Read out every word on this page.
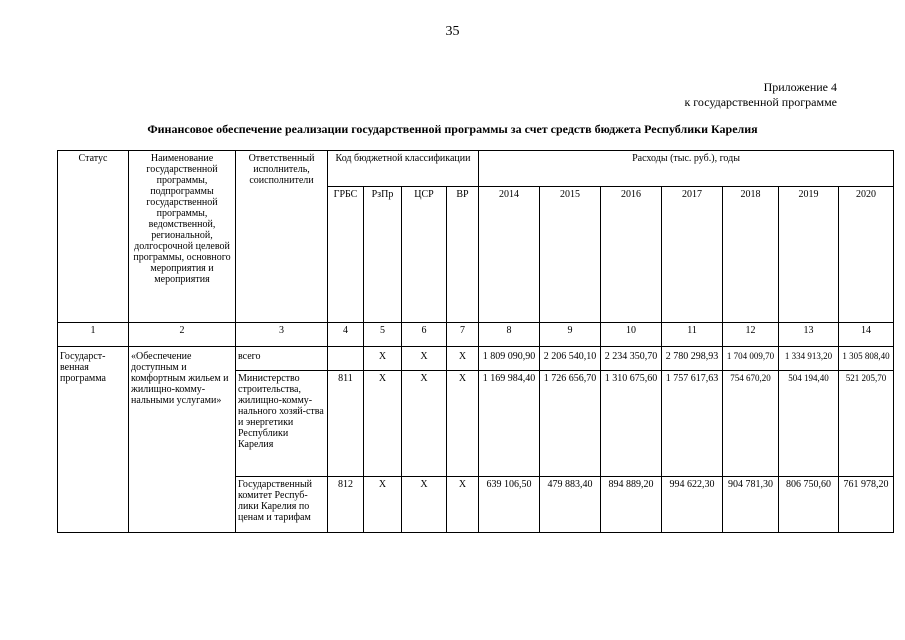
35
Приложение 4
к государственной программе
Финансовое обеспечение реализации государственной программы за счет средств бюджета Республики Карелия
Статус	Наименование государственной программы, подпрограммы государственной программы, ведомственной, региональной, долгосрочной целевой программы, основного мероприятия и мероприятия	Ответственный исполнитель, соисполнители	Код бюджетной классификации				Расходы (тыс. руб.), годы						
			ГРБС	РзПр	ЦСР	ВР	2014	2015	2016	2017	2018	2019	2020
1	2	3	4	5	6	7	8	9	10	11	12	13	14
Государст-венная программа	«Обеспечение доступным и комфортным жильем и жилищно-комму-нальными услугами»	всего		Х	Х	Х	1 809 090,90	2 206 540,10	2 234 350,70	2 780 298,93	1 704 009,70	1 334 913,20	1 305 808,40
		Министерство строительства, жилищно-комму-нального хозяй-ства и энергетики Республики Карелия	811	Х	Х	Х	1 169 984,40	1 726 656,70	1 310 675,60	1 757 617,63	754 670,20	504 194,40	521 205,70
		Государственный комитет Респуб-лики Карелия по ценам и тарифам	812	Х	Х	Х	639 106,50	479 883,40	894 889,20	994 622,30	904 781,30	806 750,60	761 978,20
